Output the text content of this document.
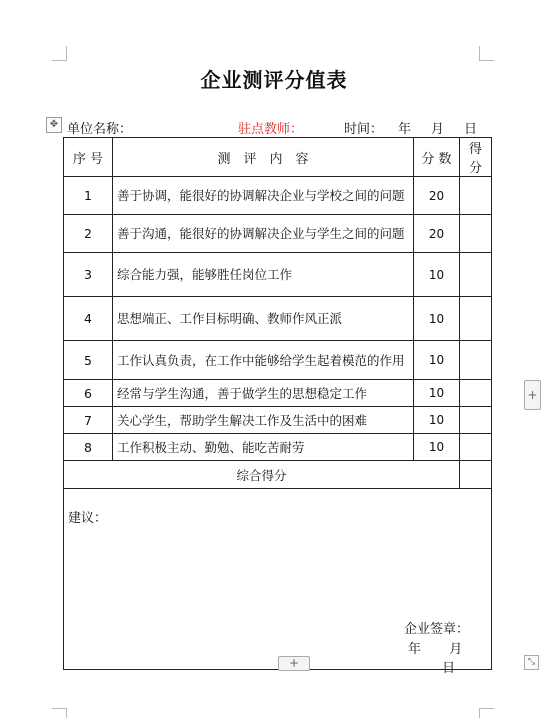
企业测评分值表
✥ 单位名称：	驻点教师：	时间： 年 月 日
序 号	测　评　内　容	分 数	得 分
1	善于协调，能很好的协调解决企业与学校之间的问题	20	
2	善于沟通，能很好的协调解决企业与学生之间的问题	20	
3	综合能力强，能够胜任岗位工作	10	
4	思想端正、工作目标明确、教师作风正派	10	
5	工作认真负责，在工作中能够给学生起着模范的作用	10	
6	经常与学生沟通，善于做学生的思想稳定工作	10	
7	关心学生，帮助学生解决工作及生活中的困难	10	
8	工作积极主动、勤勉、能吃苦耐劳	10	
综合得分			

建议：
企业签章：
年 月  日			
+
+	⤡
